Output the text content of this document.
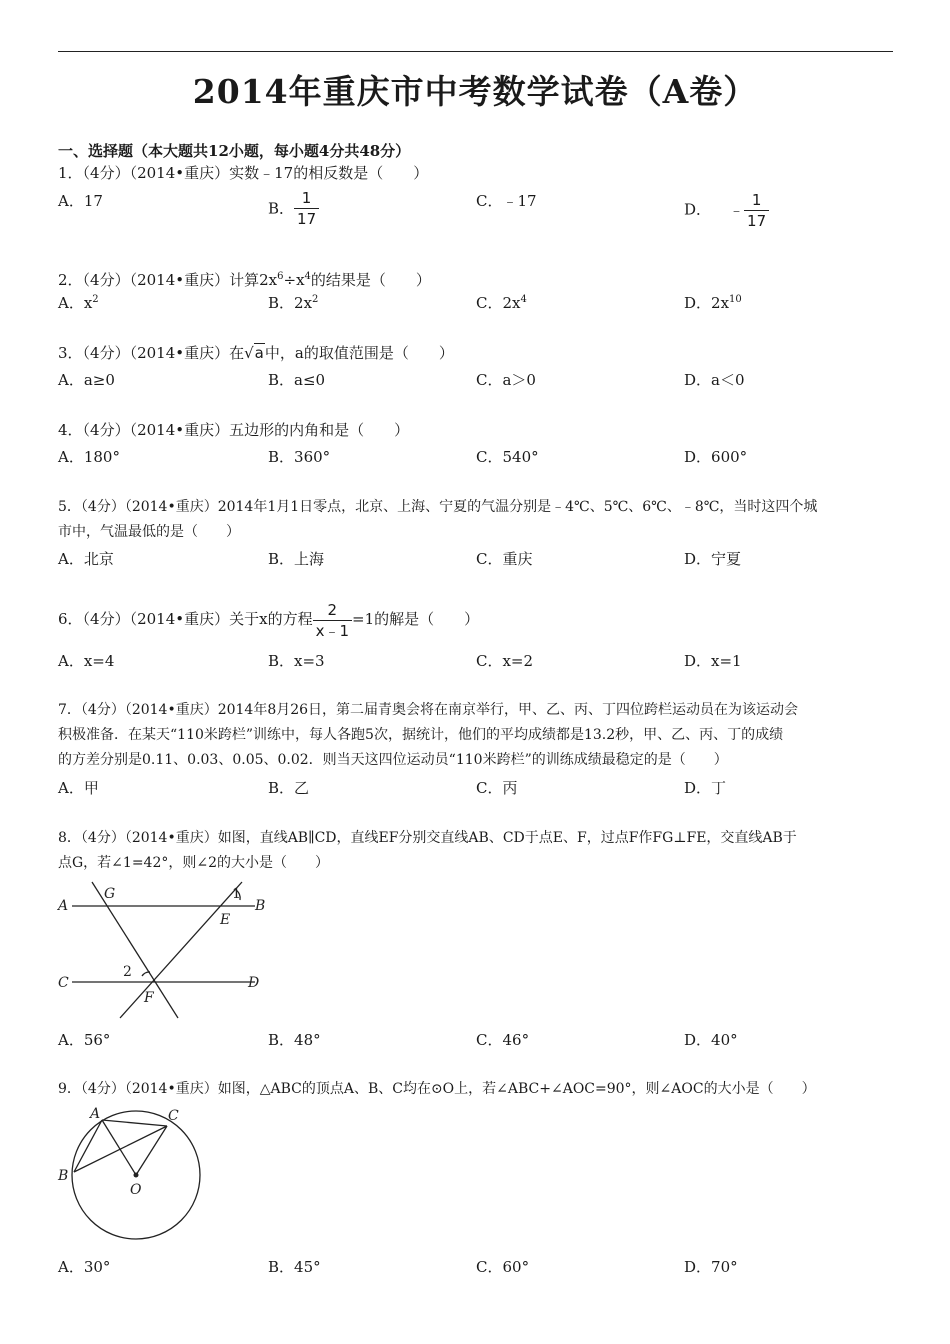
2014年重庆市中考数学试卷（A卷）
一、选择题（本大题共12小题，每小题4分共48分）
1．（4分）（2014•重庆）实数﹣17的相反数是（　　）
A．17	B． $\frac{1}{17}$	C．﹣17	D． ﹣ $\frac{1}{17}$
2．（4分）（2014•重庆）计算$2x^6\div x^4$的结果是（　　）
A．$x^2$	B．$2x^2$	C．$2x^4$	D．$2x^{10}$
3．（4分）（2014•重庆）在√a中，a的取值范围是（　　）
A．a≥0	B．a≤0	C．a＞0	D．a＜0
4．（4分）（2014•重庆）五边形的内角和是（　　）
A．180°	B．360°	C．540°	D．600°
5．（4分）（2014•重庆）2014年1月1日零点，北京、上海、宁夏的气温分别是﹣4℃、5℃、6℃、﹣8℃，当时这四个城
市中，气温最低的是（　　）
A．北京	B．上海	C．重庆	D．宁夏
6．（4分）（2014•重庆）关于x的方程 $\frac{2}{x﹣1} =1$的解是（　　）
A．x=4	B．x=3	C．x=2	D．x=1
7．（4分）（2014•重庆）2014年8月26日，第二届青奥会将在南京举行，甲、乙、丙、丁四位跨栏运动员在为该运动会
积极准备．在某天“110米跨栏”训练中，每人各跑5次，据统计，他们的平均成绩都是13.2秒，甲、乙、丙、丁的成绩
的方差分别是0.11、0.03、0.05、0.02．则当天这四位运动员“110米跨栏”的训练成绩最稳定的是（　　）
A．甲	B．乙	C．丙	D．丁
8．（4分）（2014•重庆）如图，直线AB∥CD，直线EF分别交直线AB、CD于点E、F，过点F作FG⊥FE，交直线AB于
点G，若∠1=42°，则∠2的大小是（　　）
A
G	1
B
E
2
C	D
F
A．56°	B．48°	C．46°	D．40°
9．（4分）（2014•重庆）如图，△ABC的顶点A、B、C均在⊙O上，若∠ABC+∠AOC=90°，则∠AOC的大小是（　　）
A	C
B
O
A．30°	B．45°	C．60°	D．70°
